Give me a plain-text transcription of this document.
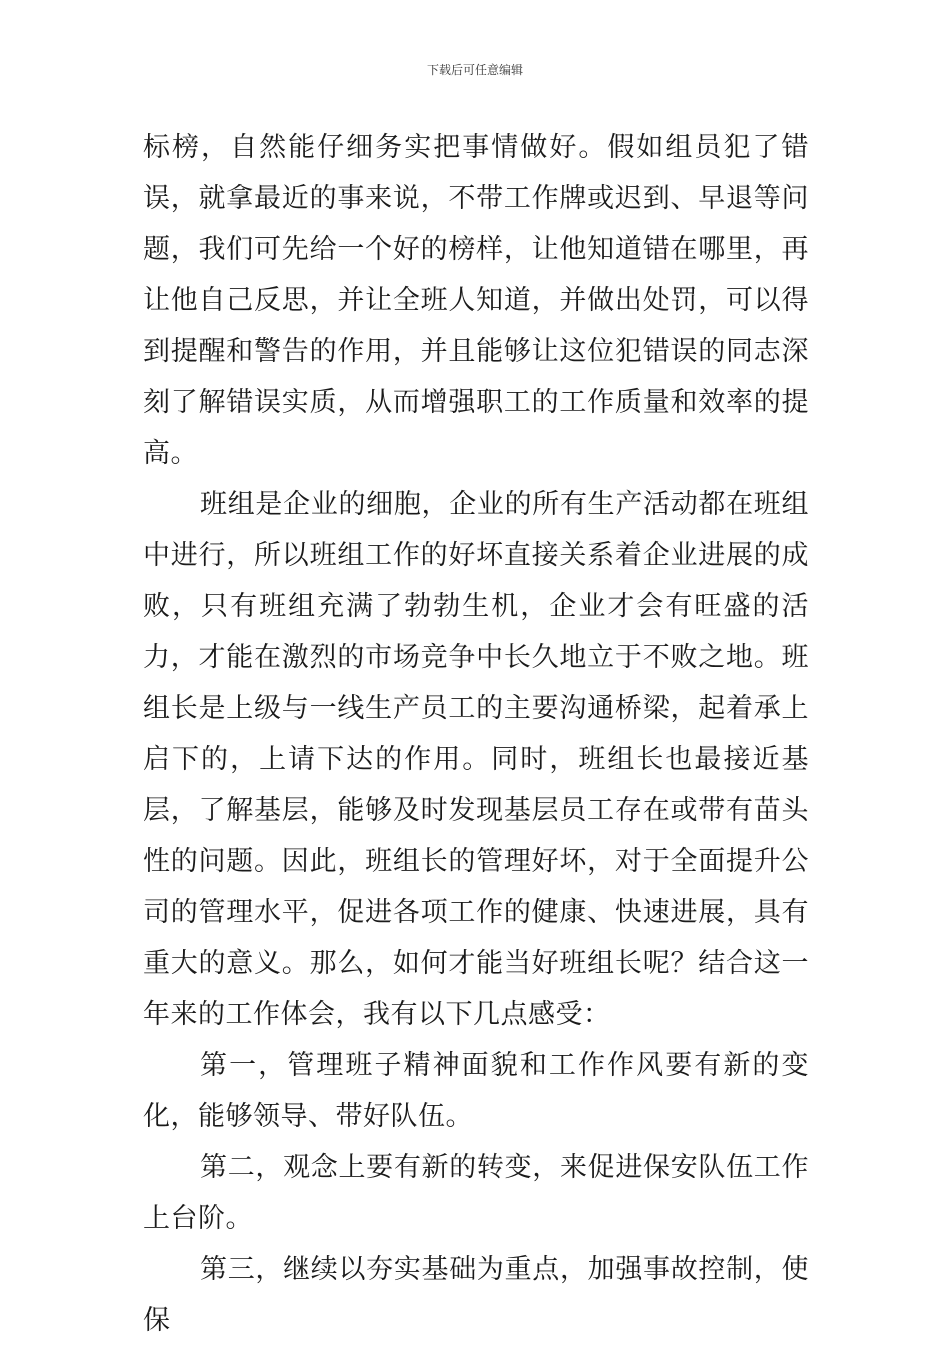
下载后可任意编辑

标榜，自然能仔细务实把事情做好。假如组员犯了错误，就拿最近的事来说，不带工作牌或迟到、早退等问题，我们可先给一个好的榜样，让他知道错在哪里，再让他自己反思，并让全班人知道，并做出处罚，可以得到提醒和警告的作用，并且能够让这位犯错误的同志深刻了解错误实质，从而增强职工的工作质量和效率的提高。

班组是企业的细胞，企业的所有生产活动都在班组中进行，所以班组工作的好坏直接关系着企业进展的成败，只有班组充满了勃勃生机，企业才会有旺盛的活力，才能在激烈的市场竞争中长久地立于不败之地。班组长是上级与一线生产员工的主要沟通桥梁，起着承上启下的，上请下达的作用。同时，班组长也最接近基层，了解基层，能够及时发现基层员工存在或带有苗头性的问题。因此，班组长的管理好坏，对于全面提升公司的管理水平，促进各项工作的健康、快速进展，具有重大的意义。那么，如何才能当好班组长呢？结合这一年来的工作体会，我有以下几点感受：

第一，管理班子精神面貌和工作作风要有新的变化，能够领导、带好队伍。

第二，观念上要有新的转变，来促进保安队伍工作上台阶。

第三，继续以夯实基础为重点，加强事故控制，使保
